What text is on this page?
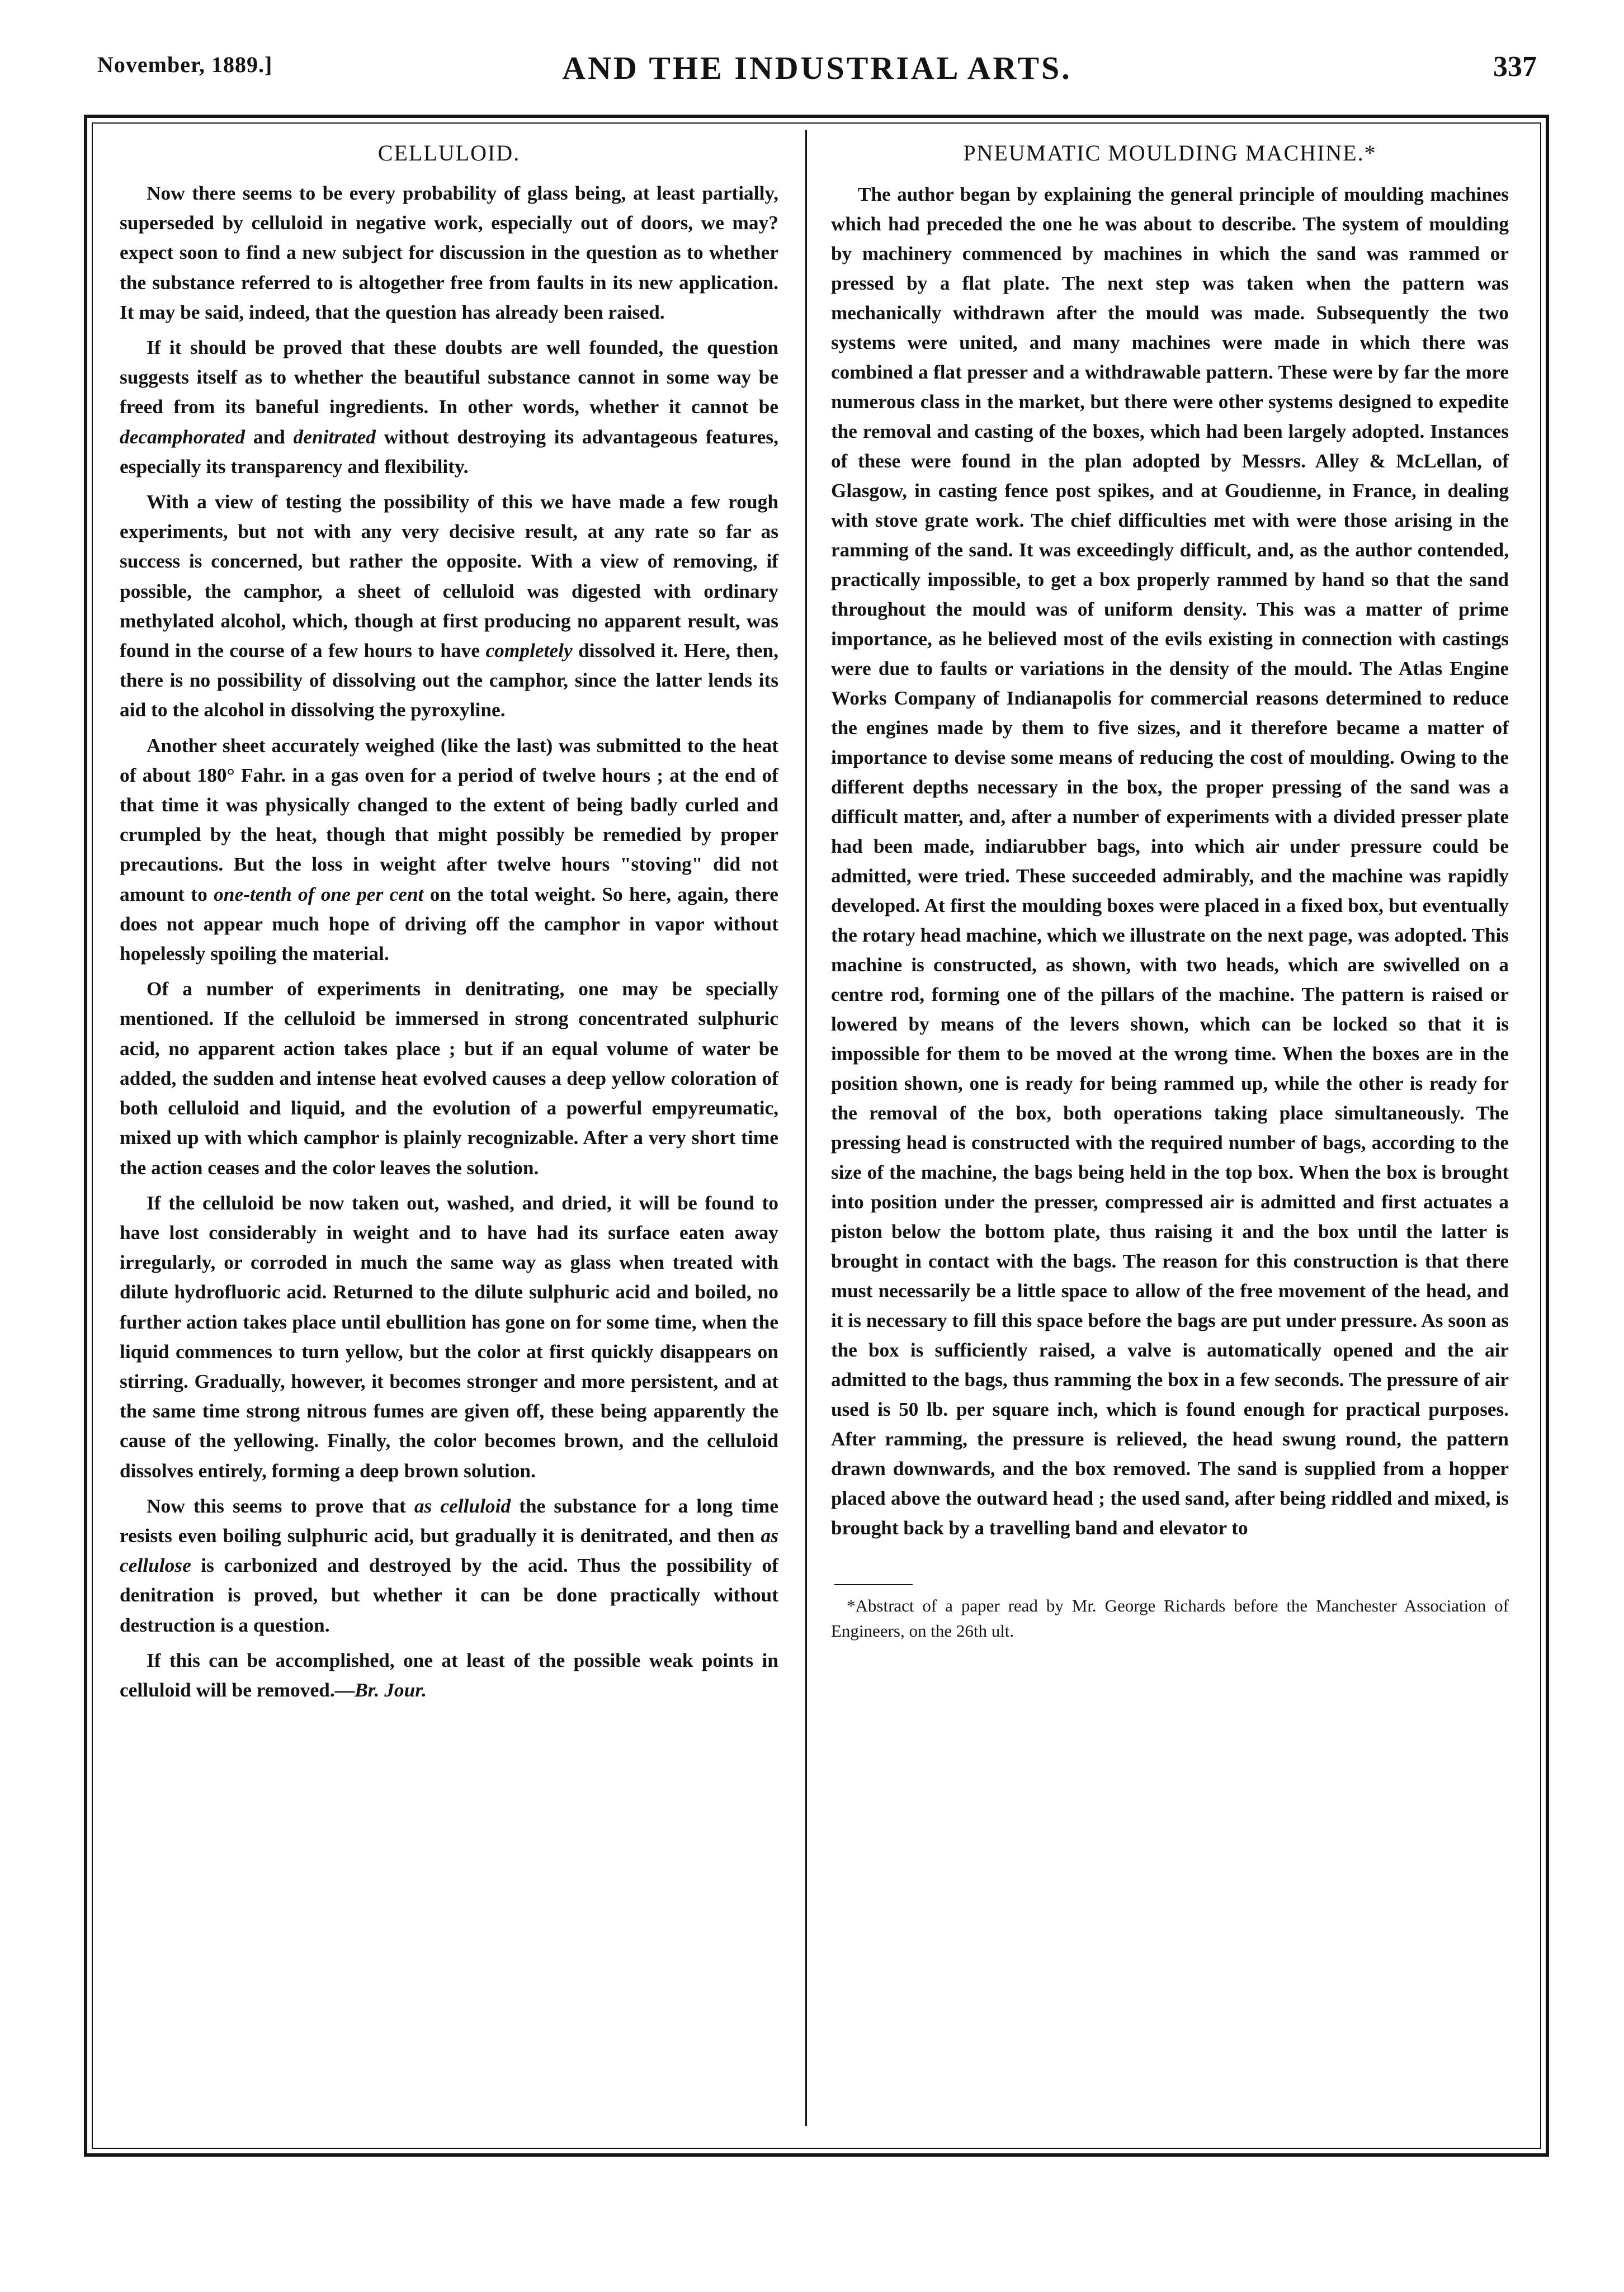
November, 1889.]	AND THE INDUSTRIAL ARTS.	337
CELLULOID.

Now there seems to be every probability of glass being, at least partially, superseded by celluloid in negative work, especially out of doors, we may?expect soon to find a new subject for discussion in the question as to whether the substance referred to is altogether free from faults in its new application. It may be said, indeed, that the question has already been raised.

If it should be proved that these doubts are well founded, the question suggests itself as to whether the beautiful substance cannot in some way be freed from its baneful ingredients. In other words, whether it cannot be decamphorated and denitrated without destroying its advantageous features, especially its transparency and flexibility.

With a view of testing the possibility of this we have made a few rough experiments, but not with any very decisive result, at any rate so far as success is concerned, but rather the opposite. With a view of removing, if possible, the camphor, a sheet of celluloid was digested with ordinary methylated alcohol, which, though at first producing no apparent result, was found in the course of a few hours to have completely dissolved it. Here, then, there is no possibility of dissolving out the camphor, since the latter lends its aid to the alcohol in dissolving the pyroxyline.

Another sheet accurately weighed (like the last) was submitted to the heat of about 180° Fahr. in a gas oven for a period of twelve hours ; at the end of that time it was physically changed to the extent of being badly curled and crumpled by the heat, though that might possibly be remedied by proper precautions. But the loss in weight after twelve hours "stoving" did not amount to one-tenth of one per cent on the total weight. So here, again, there does not appear much hope of driving off the camphor in vapor without hopelessly spoiling the material.

Of a number of experiments in denitrating, one may be specially mentioned. If the celluloid be immersed in strong concentrated sulphuric acid, no apparent action takes place ; but if an equal volume of water be added, the sudden and intense heat evolved causes a deep yellow coloration of both celluloid and liquid, and the evolution of a powerful empyreumatic, mixed up with which camphor is plainly recognizable. After a very short time the action ceases and the color leaves the solution.

If the celluloid be now taken out, washed, and dried, it will be found to have lost considerably in weight and to have had its surface eaten away irregularly, or corroded in much the same way as glass when treated with dilute hydrofluoric acid. Returned to the dilute sulphuric acid and boiled, no further action takes place until ebullition has gone on for some time, when the liquid commences to turn yellow, but the color at first quickly disappears on stirring. Gradually, however, it becomes stronger and more persistent, and at the same time strong nitrous fumes are given off, these being apparently the cause of the yellowing. Finally, the color becomes brown, and the celluloid dissolves entirely, forming a deep brown solution.

Now this seems to prove that as celluloid the substance for a long time resists even boiling sulphuric acid, but gradually it is denitrated, and then as cellulose is carbonized and destroyed by the acid. Thus the possibility of denitration is proved, but whether it can be done practically without destruction is a question.

If this can be accomplished, one at least of the possible weak points in celluloid will be removed.—Br. Jour.

PNEUMATIC MOULDING MACHINE.*

The author began by explaining the general principle of moulding machines which had preceded the one he was about to describe. The system of moulding by machinery commenced by machines in which the sand was rammed or pressed by a flat plate. The next step was taken when the pattern was mechanically withdrawn after the mould was made. Subsequently the two systems were united, and many machines were made in which there was combined a flat presser and a withdrawable pattern. These were by far the more numerous class in the market, but there were other systems designed to expedite the removal and casting of the boxes, which had been largely adopted. Instances of these were found in the plan adopted by Messrs. Alley & McLellan, of Glasgow, in casting fence post spikes, and at Goudienne, in France, in dealing with stove grate work. The chief difficulties met with were those arising in the ramming of the sand. It was exceedingly difficult, and, as the author contended, practically impossible, to get a box properly rammed by hand so that the sand throughout the mould was of uniform density. This was a matter of prime importance, as he believed most of the evils existing in connection with castings were due to faults or variations in the density of the mould. The Atlas Engine Works Company of Indianapolis for commercial reasons determined to reduce the engines made by them to five sizes, and it therefore became a matter of importance to devise some means of reducing the cost of moulding. Owing to the different depths necessary in the box, the proper pressing of the sand was a difficult matter, and, after a number of experiments with a divided presser plate had been made, indiarubber bags, into which air under pressure could be admitted, were tried. These succeeded admirably, and the machine was rapidly developed. At first the moulding boxes were placed in a fixed box, but eventually the rotary head machine, which we illustrate on the next page, was adopted. This machine is constructed, as shown, with two heads, which are swivelled on a centre rod, forming one of the pillars of the machine. The pattern is raised or lowered by means of the levers shown, which can be locked so that it is impossible for them to be moved at the wrong time. When the boxes are in the position shown, one is ready for being rammed up, while the other is ready for the removal of the box, both operations taking place simultaneously. The pressing head is constructed with the required number of bags, according to the size of the machine, the bags being held in the top box. When the box is brought into position under the presser, compressed air is admitted and first actuates a piston below the bottom plate, thus raising it and the box until the latter is brought in contact with the bags. The reason for this construction is that there must necessarily be a little space to allow of the free movement of the head, and it is necessary to fill this space before the bags are put under pressure. As soon as the box is sufficiently raised, a valve is automatically opened and the air admitted to the bags, thus ramming the box in a few seconds. The pressure of air used is 50 lb. per square inch, which is found enough for practical purposes. After ramming, the pressure is relieved, the head swung round, the pattern drawn downwards, and the box removed. The sand is supplied from a hopper placed above the outward head ; the used sand, after being riddled and mixed, is brought back by a travelling band and elevator to

*Abstract of a paper read by Mr. George Richards before the Manchester Association of Engineers, on the 26th ult.
